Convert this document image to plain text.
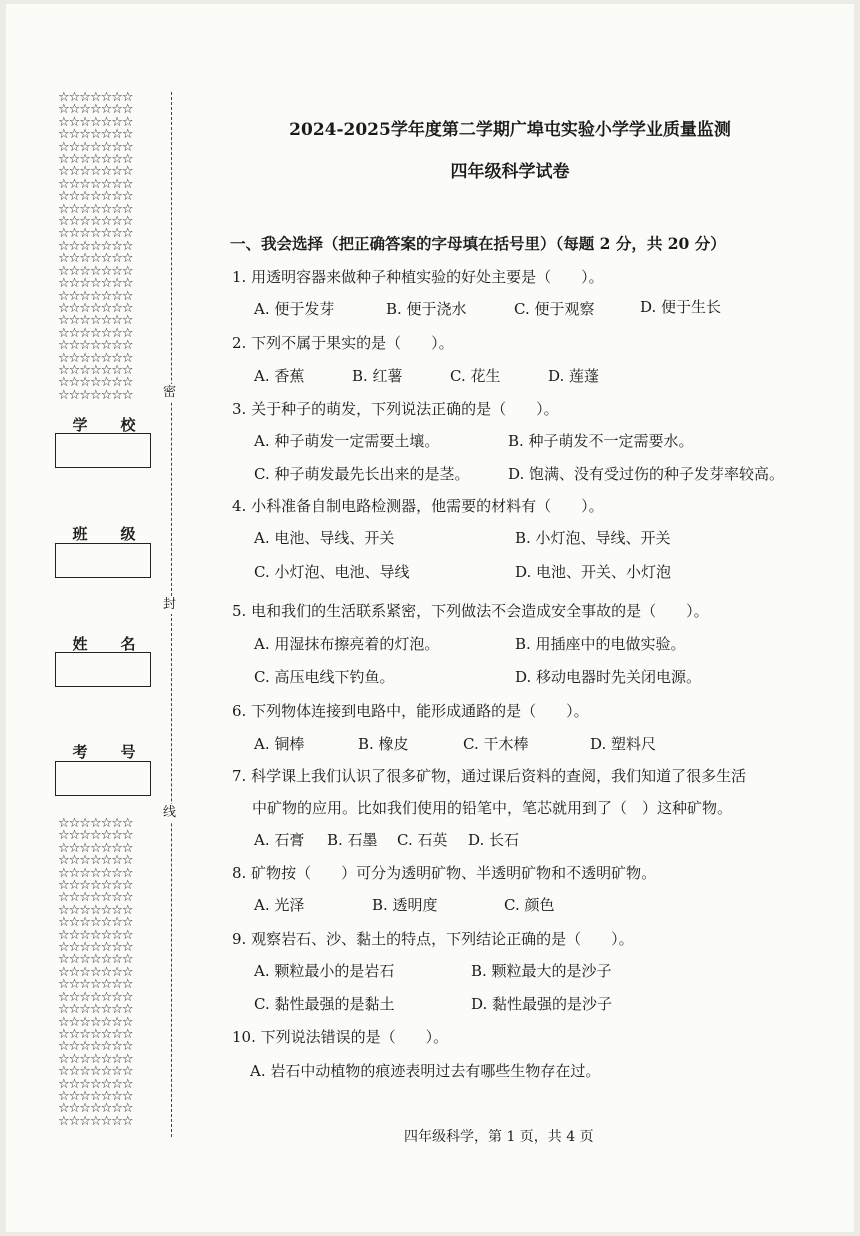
☆☆☆☆☆☆☆
☆☆☆☆☆☆☆
☆☆☆☆☆☆☆
☆☆☆☆☆☆☆
☆☆☆☆☆☆☆
☆☆☆☆☆☆☆
☆☆☆☆☆☆☆
☆☆☆☆☆☆☆
☆☆☆☆☆☆☆
☆☆☆☆☆☆☆
☆☆☆☆☆☆☆
☆☆☆☆☆☆☆
☆☆☆☆☆☆☆
☆☆☆☆☆☆☆
☆☆☆☆☆☆☆
☆☆☆☆☆☆☆
☆☆☆☆☆☆☆
☆☆☆☆☆☆☆
☆☆☆☆☆☆☆
☆☆☆☆☆☆☆
☆☆☆☆☆☆☆
☆☆☆☆☆☆☆
☆☆☆☆☆☆☆
☆☆☆☆☆☆☆
☆☆☆☆☆☆☆
☆☆☆☆☆☆☆
☆☆☆☆☆☆☆
☆☆☆☆☆☆☆
☆☆☆☆☆☆☆
☆☆☆☆☆☆☆
☆☆☆☆☆☆☆
☆☆☆☆☆☆☆
☆☆☆☆☆☆☆
☆☆☆☆☆☆☆
☆☆☆☆☆☆☆
☆☆☆☆☆☆☆
☆☆☆☆☆☆☆
☆☆☆☆☆☆☆
☆☆☆☆☆☆☆
☆☆☆☆☆☆☆
☆☆☆☆☆☆☆
☆☆☆☆☆☆☆
☆☆☆☆☆☆☆
☆☆☆☆☆☆☆
☆☆☆☆☆☆☆
☆☆☆☆☆☆☆
☆☆☆☆☆☆☆
☆☆☆☆☆☆☆
☆☆☆☆☆☆☆
☆☆☆☆☆☆☆
密
封
线
学 校
班 级
姓 名
考 号
2024-2025学年度第二学期广埠屯实验小学学业质量监测
四年级科学试卷
一、我会选择（把正确答案的字母填在括号里）（每题 2 分，共 20 分）
1. 用透明容器来做种子种植实验的好处主要是（　　）。
A. 便于发芽	B. 便于浇水	C. 便于观察	D. 便于生长
2. 下列不属于果实的是（　　）。
A. 香蕉	B. 红薯	C. 花生	D. 莲蓬
3. 关于种子的萌发，下列说法正确的是（　　）。
A. 种子萌发一定需要土壤。	B. 种子萌发不一定需要水。
C. 种子萌发最先长出来的是茎。	D. 饱满、没有受过伤的种子发芽率较高。
4. 小科准备自制电路检测器，他需要的材料有（　　）。
A. 电池、导线、开关	B. 小灯泡、导线、开关
C. 小灯泡、电池、导线	D. 电池、开关、小灯泡
5. 电和我们的生活联系紧密，下列做法不会造成安全事故的是（　　）。
A. 用湿抹布擦亮着的灯泡。	B. 用插座中的电做实验。
C. 高压电线下钓鱼。	D. 移动电器时先关闭电源。
6. 下列物体连接到电路中，能形成通路的是（　　）。
A. 铜棒	B. 橡皮	C. 干木棒	D. 塑料尺
7. 科学课上我们认识了很多矿物，通过课后资料的查阅，我们知道了很多生活
中矿物的应用。比如我们使用的铅笔中，笔芯就用到了（　）这种矿物。
A. 石膏 B. 石墨 C. 石英 D. 长石
8. 矿物按（　　）可分为透明矿物、半透明矿物和不透明矿物。
A. 光泽	B. 透明度	C. 颜色
9. 观察岩石、沙、黏土的特点，下列结论正确的是（　　）。
A. 颗粒最小的是岩石	B. 颗粒最大的是沙子
C. 黏性最强的是黏土	D. 黏性最强的是沙子
10. 下列说法错误的是（　　）。
A. 岩石中动植物的痕迹表明过去有哪些生物存在过。
四年级科学，第 1 页，共 4 页
